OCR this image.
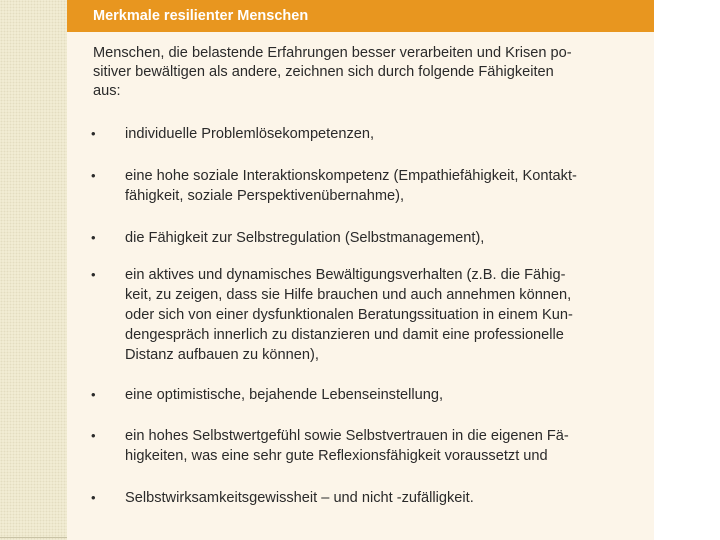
Merkmale resilienter Menschen

Menschen, die belastende Erfahrungen besser verarbeiten und Krisen po-
sitiver bewältigen als andere, zeichnen sich durch folgende Fähigkeiten
aus:

• individuelle Problemlösekompetenzen,
• eine hohe soziale Interaktionskompetenz (Empathiefähigkeit, Kontakt-
fähigkeit, soziale Perspektivenübernahme),
• die Fähigkeit zur Selbstregulation (Selbstmanagement),
• ein aktives und dynamisches Bewältigungsverhalten (z.B. die Fähig-
keit, zu zeigen, dass sie Hilfe brauchen und auch annehmen können,
oder sich von einer dysfunktionalen Beratungssituation in einem Kun-
dengespräch innerlich zu distanzieren und damit eine professionelle
Distanz aufbauen zu können),
• eine optimistische, bejahende Lebenseinstellung,
• ein hohes Selbstwertgefühl sowie Selbstvertrauen in die eigenen Fä-
higkeiten, was eine sehr gute Reflexionsfähigkeit voraussetzt und
• Selbstwirksamkeitsgewissheit – und nicht -zufälligkeit.
